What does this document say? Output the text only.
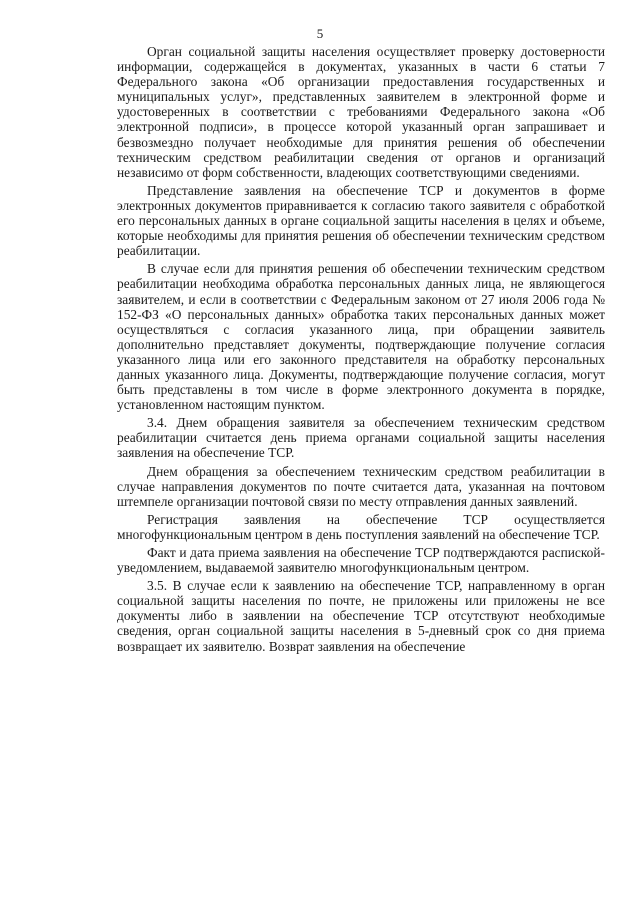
5

Орган социальной защиты населения осуществляет проверку достоверности информации, содержащейся в документах, указанных в части 6 статьи 7 Федерального закона «Об организации предоставления государственных и муниципальных услуг», представленных заявителем в электронной форме и удостоверенных в соответствии с требованиями Федерального закона «Об электронной подписи», в процессе которой указанный орган запрашивает и безвозмездно получает необходимые для принятия решения об обеспечении техническим средством реабилитации сведения от органов и организаций независимо от форм собственности, владеющих соответствующими сведениями.

Представление заявления на обеспечение ТСР и документов в форме электронных документов приравнивается к согласию такого заявителя с обработкой его персональных данных в органе социальной защиты населения в целях и объеме, которые необходимы для принятия решения об обеспечении техническим средством реабилитации.

В случае если для принятия решения об обеспечении техническим средством реабилитации необходима обработка персональных данных лица, не являющегося заявителем, и если в соответствии с Федеральным законом от 27 июля 2006 года № 152-ФЗ «О персональных данных» обработка таких персональных данных может осуществляться с согласия указанного лица, при обращении заявитель дополнительно представляет документы, подтверждающие получение согласия указанного лица или его законного представителя на обработку персональных данных указанного лица. Документы, подтверждающие получение согласия, могут быть представлены в том числе в форме электронного документа в порядке, установленном настоящим пунктом.

3.4. Днем обращения заявителя за обеспечением техническим средством реабилитации считается день приема органами социальной защиты населения заявления на обеспечение ТСР.

Днем обращения за обеспечением техническим средством реабилитации в случае направления документов по почте считается дата, указанная на почтовом штемпеле организации почтовой связи по месту отправления данных заявлений.

Регистрация заявления на обеспечение ТСР осуществляется многофункциональным центром в день поступления заявлений на обеспечение ТСР.

Факт и дата приема заявления на обеспечение ТСР подтверждаются распиской-уведомлением, выдаваемой заявителю многофункциональным центром.

3.5. В случае если к заявлению на обеспечение ТСР, направленному в орган социальной защиты населения по почте, не приложены или приложены не все документы либо в заявлении на обеспечение ТСР отсутствуют необходимые сведения, орган социальной защиты населения в 5-дневный срок со дня приема возвращает их заявителю. Возврат заявления на обеспечение
